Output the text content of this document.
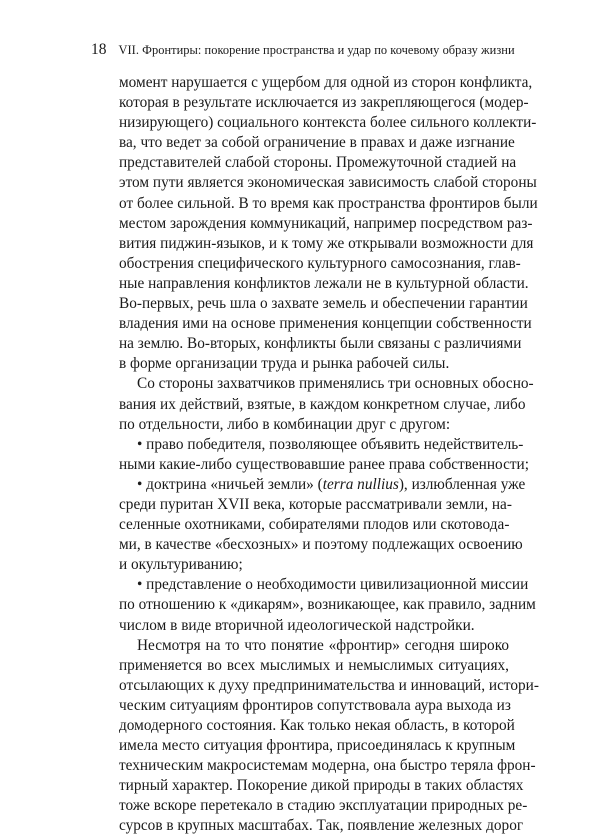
18 VII. Фронтиры: покорение пространства и удар по кочевому образу жизни
момент нарушается с ущербом для одной из сторон конфликта,
которая в результате исключается из закрепляющегося (модер-
низирующего) социального контекста более сильного коллекти-
ва, что ведет за собой ограничение в правах и даже изгнание
представителей слабой стороны. Промежуточной стадией на
этом пути является экономическая зависимость слабой стороны
от более сильной. В то время как пространства фронтиров были
местом зарождения коммуникаций, например посредством раз-
вития пиджин-языков, и к тому же открывали возможности для
обострения специфического культурного самосознания, глав-
ные направления конфликтов лежали не в культурной области.
Во-первых, речь шла о захвате земель и обеспечении гарантии
владения ими на основе применения концепции собственности
на землю. Во-вторых, конфликты были связаны с различиями
в форме организации труда и рынка рабочей силы.
Со стороны захватчиков применялись три основных обосно-
вания их действий, взятые, в каждом конкретном случае, либо
по отдельности, либо в комбинации друг с другом:
• право победителя, позволяющее объявить недействитель-
ными какие-либо существовавшие ранее права собственности;
• доктрина «ничьей земли» (terra nullius), излюбленная уже
среди пуритан XVII века, которые рассматривали земли, на-
селенные охотниками, собирателями плодов или скотовода-
ми, в качестве «бесхозных» и поэтому подлежащих освоению
и окультуриванию;
• представление о необходимости цивилизационной миссии
по отношению к «дикарям», возникающее, как правило, задним
числом в виде вторичной идеологической надстройки.
Несмотря на то что понятие «фронтир» сегодня широко
применяется во всех мыслимых и немыслимых ситуациях,
отсылающих к духу предпринимательства и инноваций, истори-
ческим ситуациям фронтиров сопутствовала аура выхода из
домодерного состояния. Как только некая область, в которой
имела место ситуация фронтира, присоединялась к крупным
техническим макросистемам модерна, она быстро теряла фрон-
тирный характер. Покорение дикой природы в таких областях
тоже вскоре перетекало в стадию эксплуатации природных ре-
сурсов в крупных масштабах. Так, появление железных дорог
